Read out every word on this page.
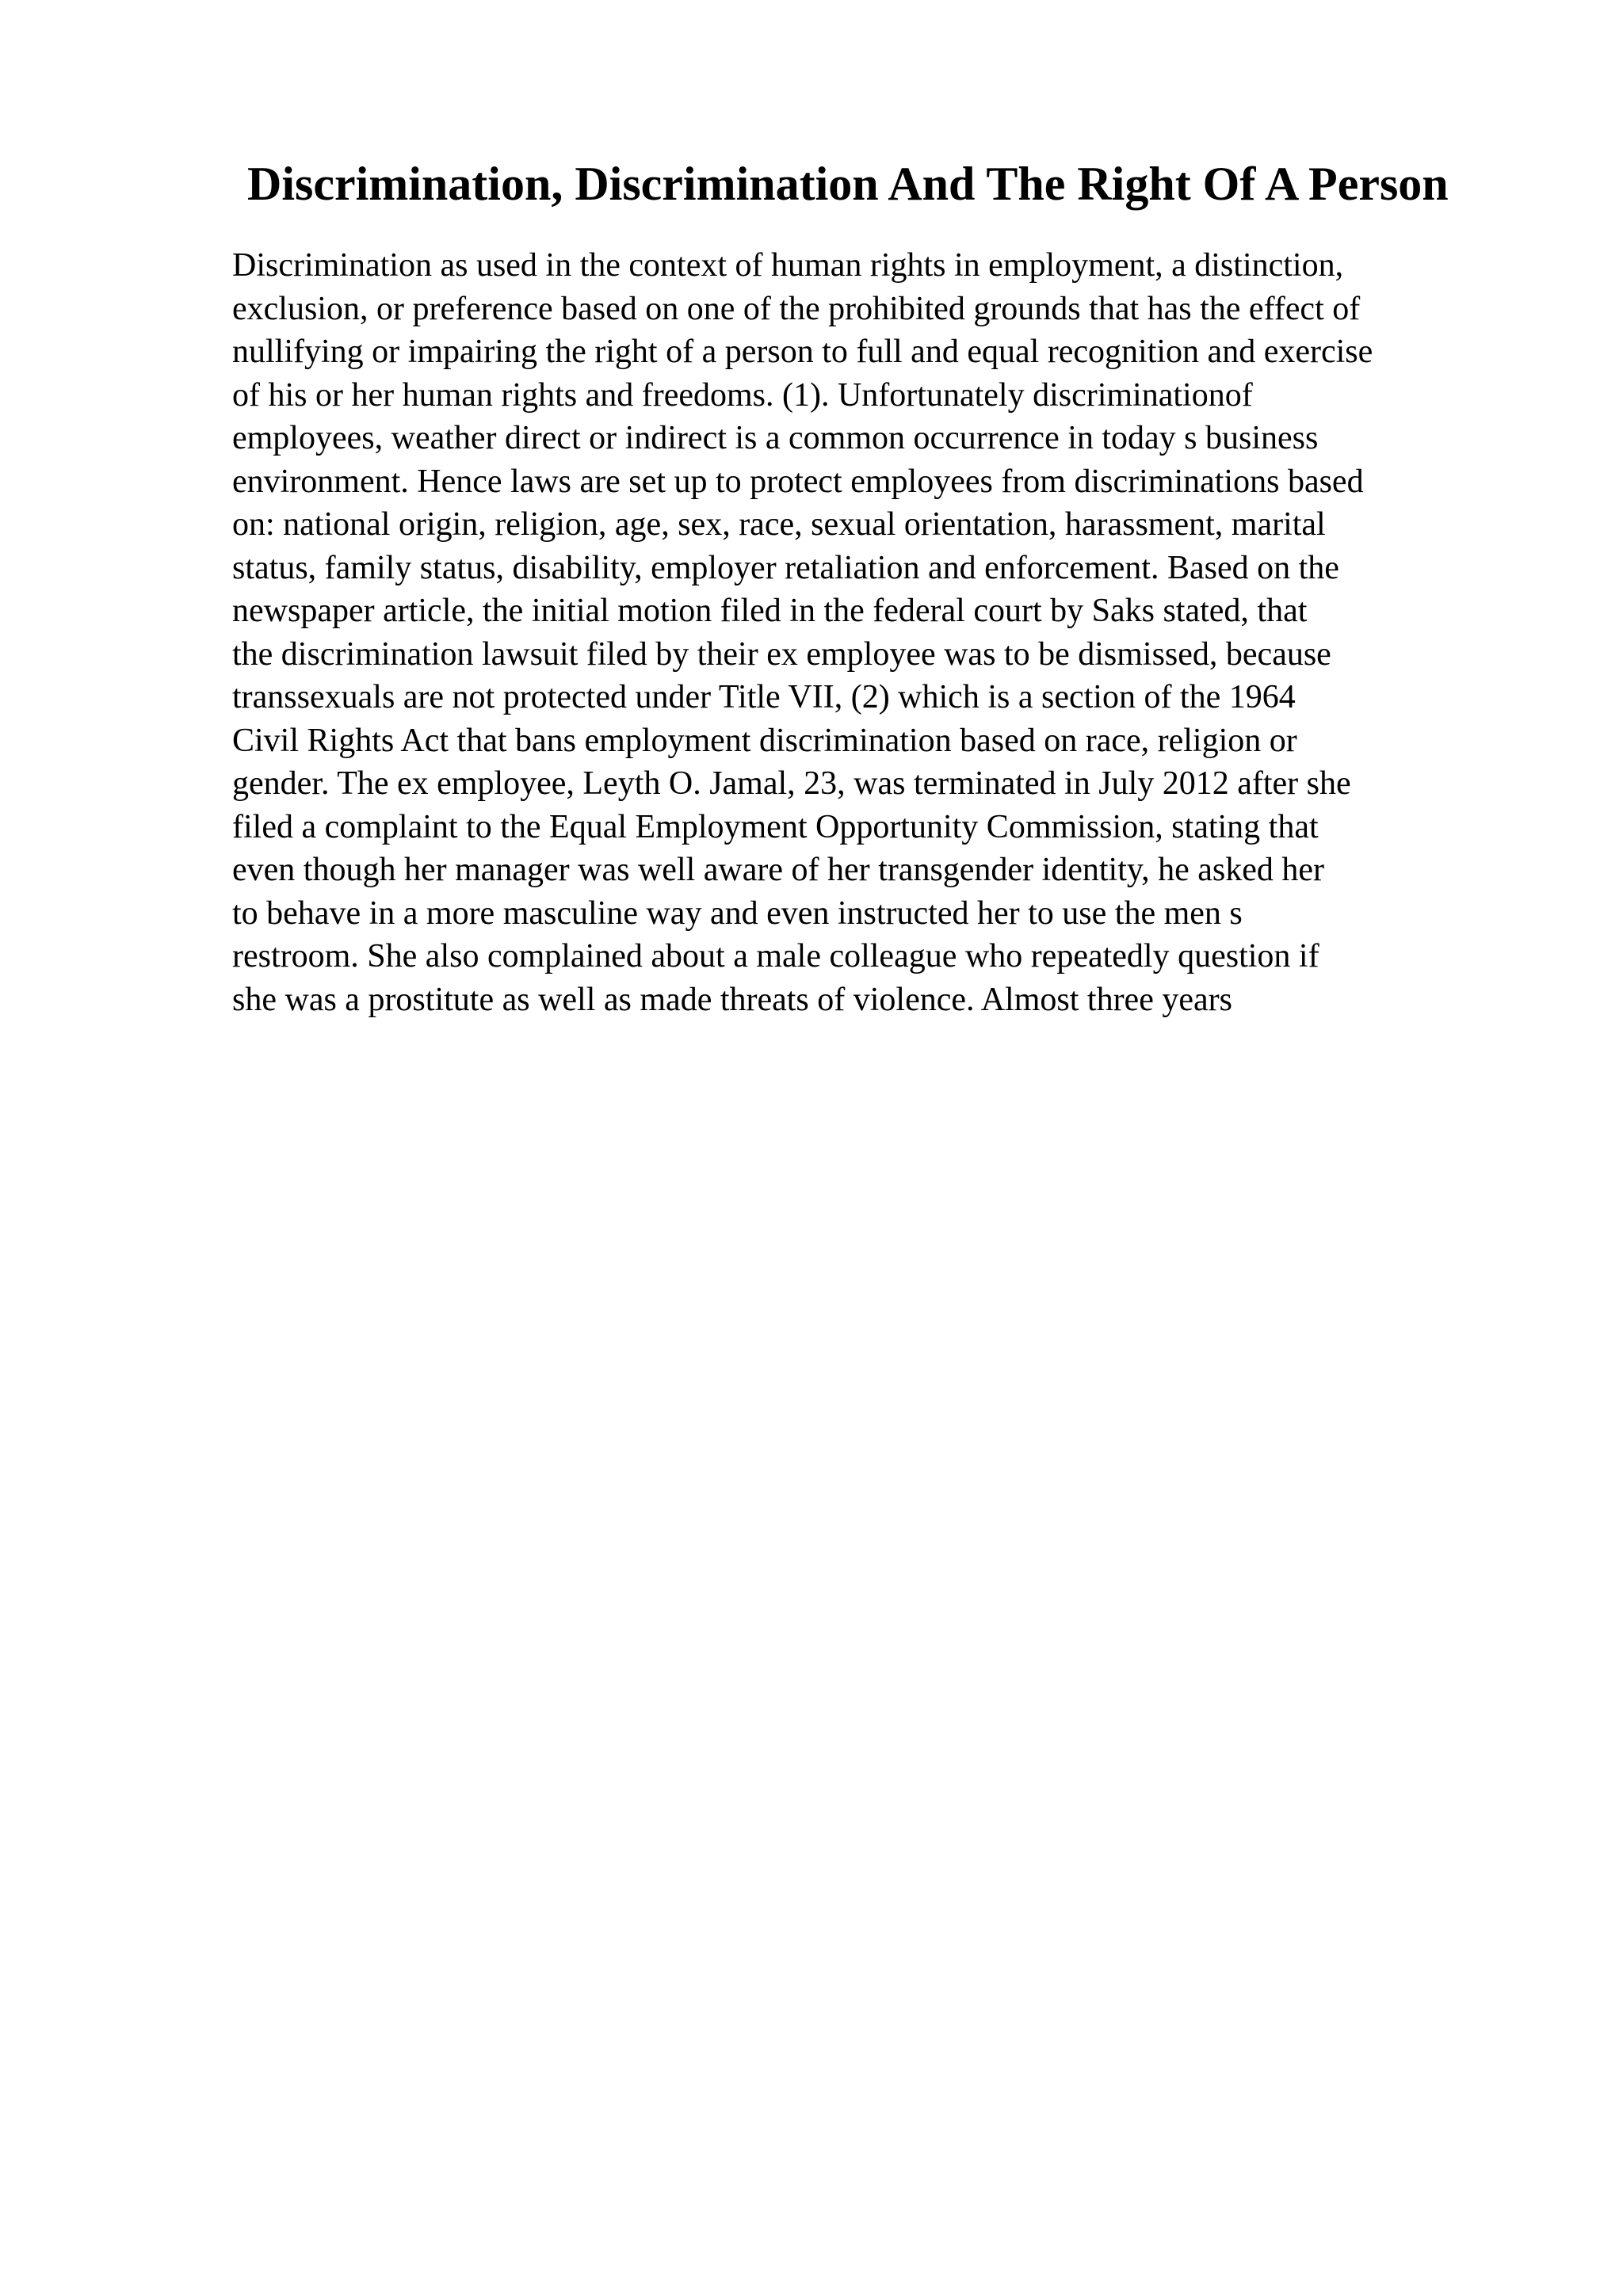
Discrimination, Discrimination And The Right Of A Person
Discrimination as used in the context of human rights in employment, a distinction,
exclusion, or preference based on one of the prohibited grounds that has the effect of
nullifying or impairing the right of a person to full and equal recognition and exercise
of his or her human rights and freedoms. (1). Unfortunately discriminationof
employees, weather direct or indirect is a common occurrence in today s business
environment. Hence laws are set up to protect employees from discriminations based
on: national origin, religion, age, sex, race, sexual orientation, harassment, marital
status, family status, disability, employer retaliation and enforcement. Based on the
newspaper article, the initial motion filed in the federal court by Saks stated, that
the discrimination lawsuit filed by their ex employee was to be dismissed, because
transsexuals are not protected under Title VII, (2) which is a section of the 1964
Civil Rights Act that bans employment discrimination based on race, religion or
gender. The ex employee, Leyth O. Jamal, 23, was terminated in July 2012 after she
filed a complaint to the Equal Employment Opportunity Commission, stating that
even though her manager was well aware of her transgender identity, he asked her
to behave in a more masculine way and even instructed her to use the men s
restroom. She also complained about a male colleague who repeatedly question if
she was a prostitute as well as made threats of violence. Almost three years
